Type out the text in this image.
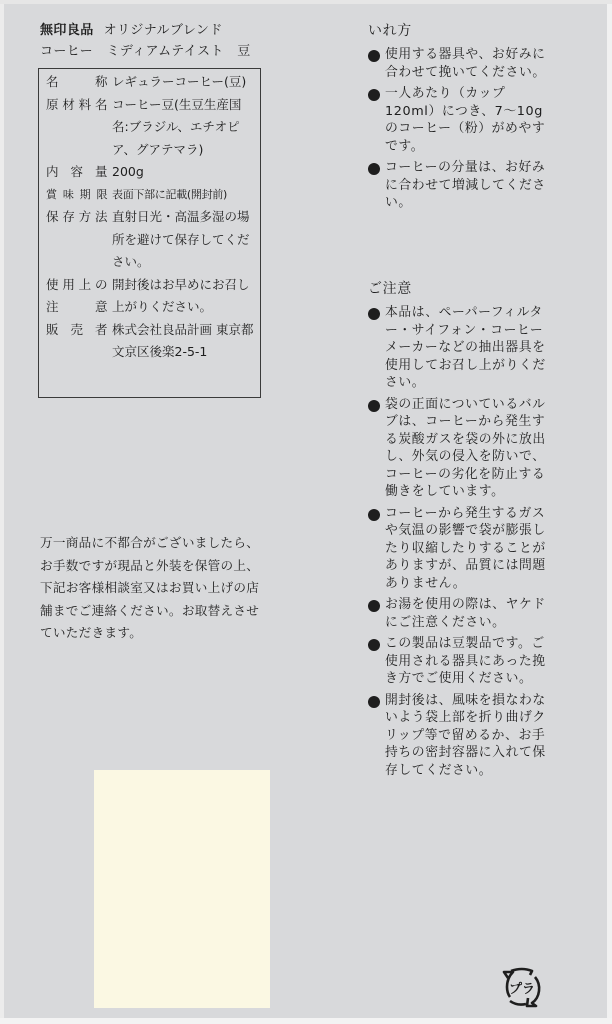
無印良品 オリジナルブレンド
コーヒー　ミディアムテイスト　豆
名　称 レギュラーコーヒー(豆)
原材料名 コーヒー豆(生豆生産国名:ブラジル、エチオピア、グアテマラ)
内容量 200g
賞味期限 表面下部に記載(開封前)
保存方法 直射日光・高温多湿の場所を避けて保存してください。
使用上の注意
開封後はお早めにお召し上がりください。
販売者 株式会社良品計画 東京都文京区後楽2-5-1

万一商品に不都合がございましたら、お手数ですが現品と外装を保管の上、下記お客様相談室又はお買い上げの店舗までご連絡ください。お取替えさせていただきます。

いれ方
使用する器具や、お好みに合わせて挽いてください。
一人あたり（カップ120ml）につき、7〜10gのコーヒー（粉）がめやすです。
コーヒーの分量は、お好みに合わせて増減してください。
ご注意
本品は、ペーパーフィルター・サイフォン・コーヒーメーカーなどの抽出器具を使用してお召し上がりください。
袋の正面についているバルブは、コーヒーから発生する炭酸ガスを袋の外に放出し、外気の侵入を防いで、コーヒーの劣化を防止する働きをしています。
コーヒーから発生するガスや気温の影響で袋が膨張したり収縮したりすることがありますが、品質には問題ありません。
お湯を使用の際は、ヤケドにご注意ください。
この製品は豆製品です。ご使用される器具にあった挽き方でご使用ください。
開封後は、風味を損なわないよう袋上部を折り曲げクリップ等で留めるか、お手持ちの密封容器に入れて保存してください。
プラ
